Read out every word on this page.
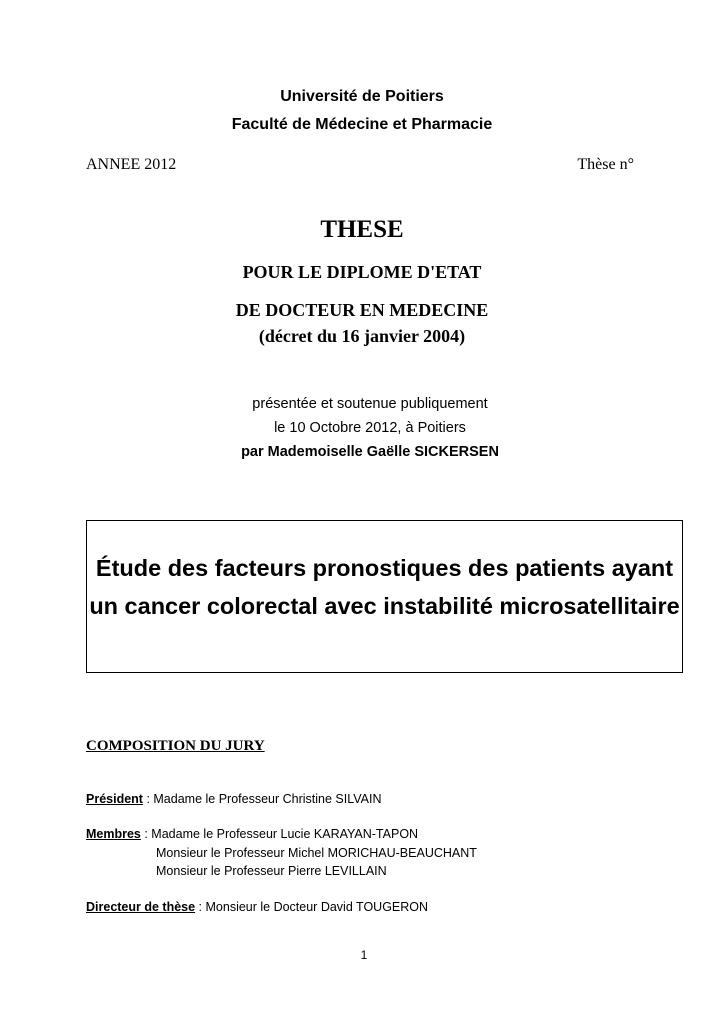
Université de Poitiers
Faculté de Médecine et Pharmacie
ANNEE 2012	Thèse n°
THESE
POUR LE DIPLOME D'ETAT
DE DOCTEUR EN MEDECINE
(décret du 16 janvier 2004)
présentée et soutenue publiquement
le 10 Octobre 2012, à Poitiers
par Mademoiselle Gaëlle SICKERSEN
Étude des facteurs pronostiques des patients ayant
un cancer colorectal avec instabilité microsatellitaire
COMPOSITION DU JURY
Président : Madame le Professeur Christine SILVAIN
Membres : Madame le Professeur Lucie KARAYAN-TAPON
Monsieur le Professeur Michel MORICHAU-BEAUCHANT
Monsieur le Professeur Pierre LEVILLAIN
Directeur de thèse : Monsieur le Docteur David TOUGERON
1
